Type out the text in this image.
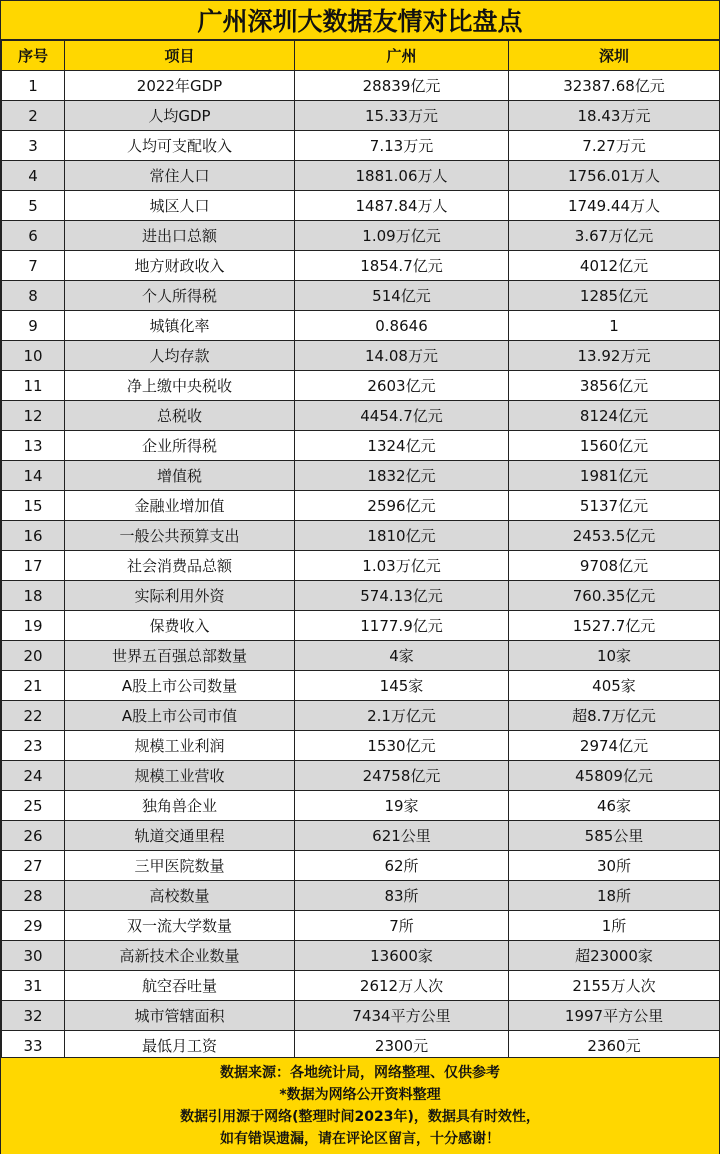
广州深圳大数据友情对比盘点
序号	项目	广州	深圳
1	2022年GDP	28839亿元	32387.68亿元
2	人均GDP	15.33万元	18.43万元
3	人均可支配收入	7.13万元	7.27万元
4	常住人口	1881.06万人	1756.01万人
5	城区人口	1487.84万人	1749.44万人
6	进出口总额	1.09万亿元	3.67万亿元
7	地方财政收入	1854.7亿元	4012亿元
8	个人所得税	514亿元	1285亿元
9	城镇化率	0.8646	1
10	人均存款	14.08万元	13.92万元
11	净上缴中央税收	2603亿元	3856亿元
12	总税收	4454.7亿元	8124亿元
13	企业所得税	1324亿元	1560亿元
14	增值税	1832亿元	1981亿元
15	金融业增加值	2596亿元	5137亿元
16	一般公共预算支出	1810亿元	2453.5亿元
17	社会消费品总额	1.03万亿元	9708亿元
18	实际利用外资	574.13亿元	760.35亿元
19	保费收入	1177.9亿元	1527.7亿元
20	世界五百强总部数量	4家	10家
21	A股上市公司数量	145家	405家
22	A股上市公司市值	2.1万亿元	超8.7万亿元
23	规模工业利润	1530亿元	2974亿元
24	规模工业营收	24758亿元	45809亿元
25	独角兽企业	19家	46家
26	轨道交通里程	621公里	585公里
27	三甲医院数量	62所	30所
28	高校数量	83所	18所
29	双一流大学数量	7所	1所
30	高新技术企业数量	13600家	超23000家
31	航空吞吐量	2612万人次	2155万人次
32	城市管辖面积	7434平方公里	1997平方公里
33	最低月工资	2300元	2360元
数据来源：各地统计局，网络整理、仅供参考
*数据为网络公开资料整理
数据引用源于网络(整理时间2023年)，数据具有时效性，
如有错误遗漏，请在评论区留言，十分感谢！
